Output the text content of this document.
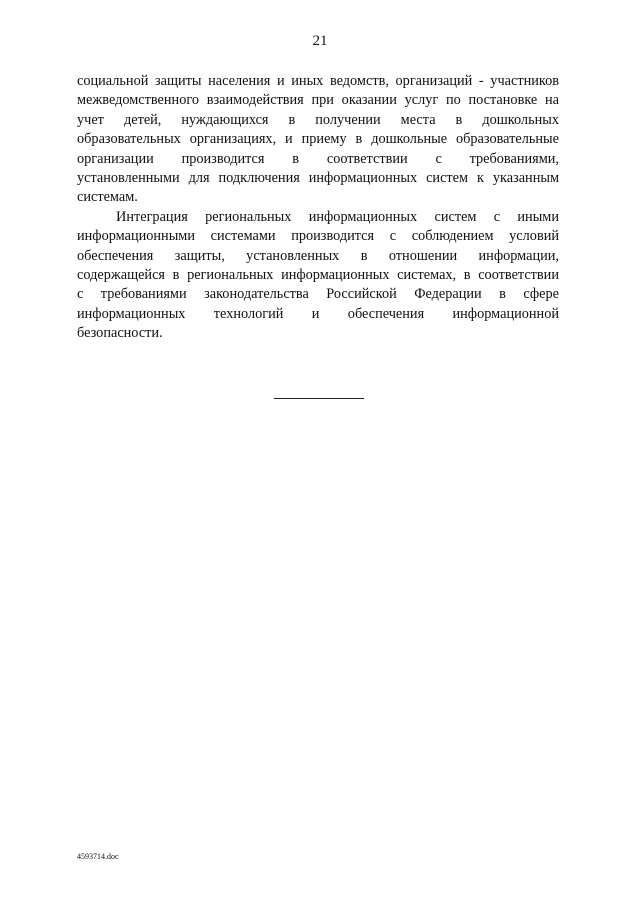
21

социальной защиты населения и иных ведомств, организаций - участников
межведомственного взаимодействия при оказании услуг по постановке на
учет детей, нуждающихся в получении места в дошкольных
образовательных организациях, и приему в дошкольные образовательные
организации производится в соответствии с требованиями,
установленными для подключения информационных систем к указанным
системам.

Интеграция региональных информационных систем с иными
информационными системами производится с соблюдением условий
обеспечения защиты, установленных в отношении информации,
содержащейся в региональных информационных системах, в соответствии
с требованиями законодательства Российской Федерации в сфере
информационных технологий и обеспечения информационной
безопасности.

4593714.doc
